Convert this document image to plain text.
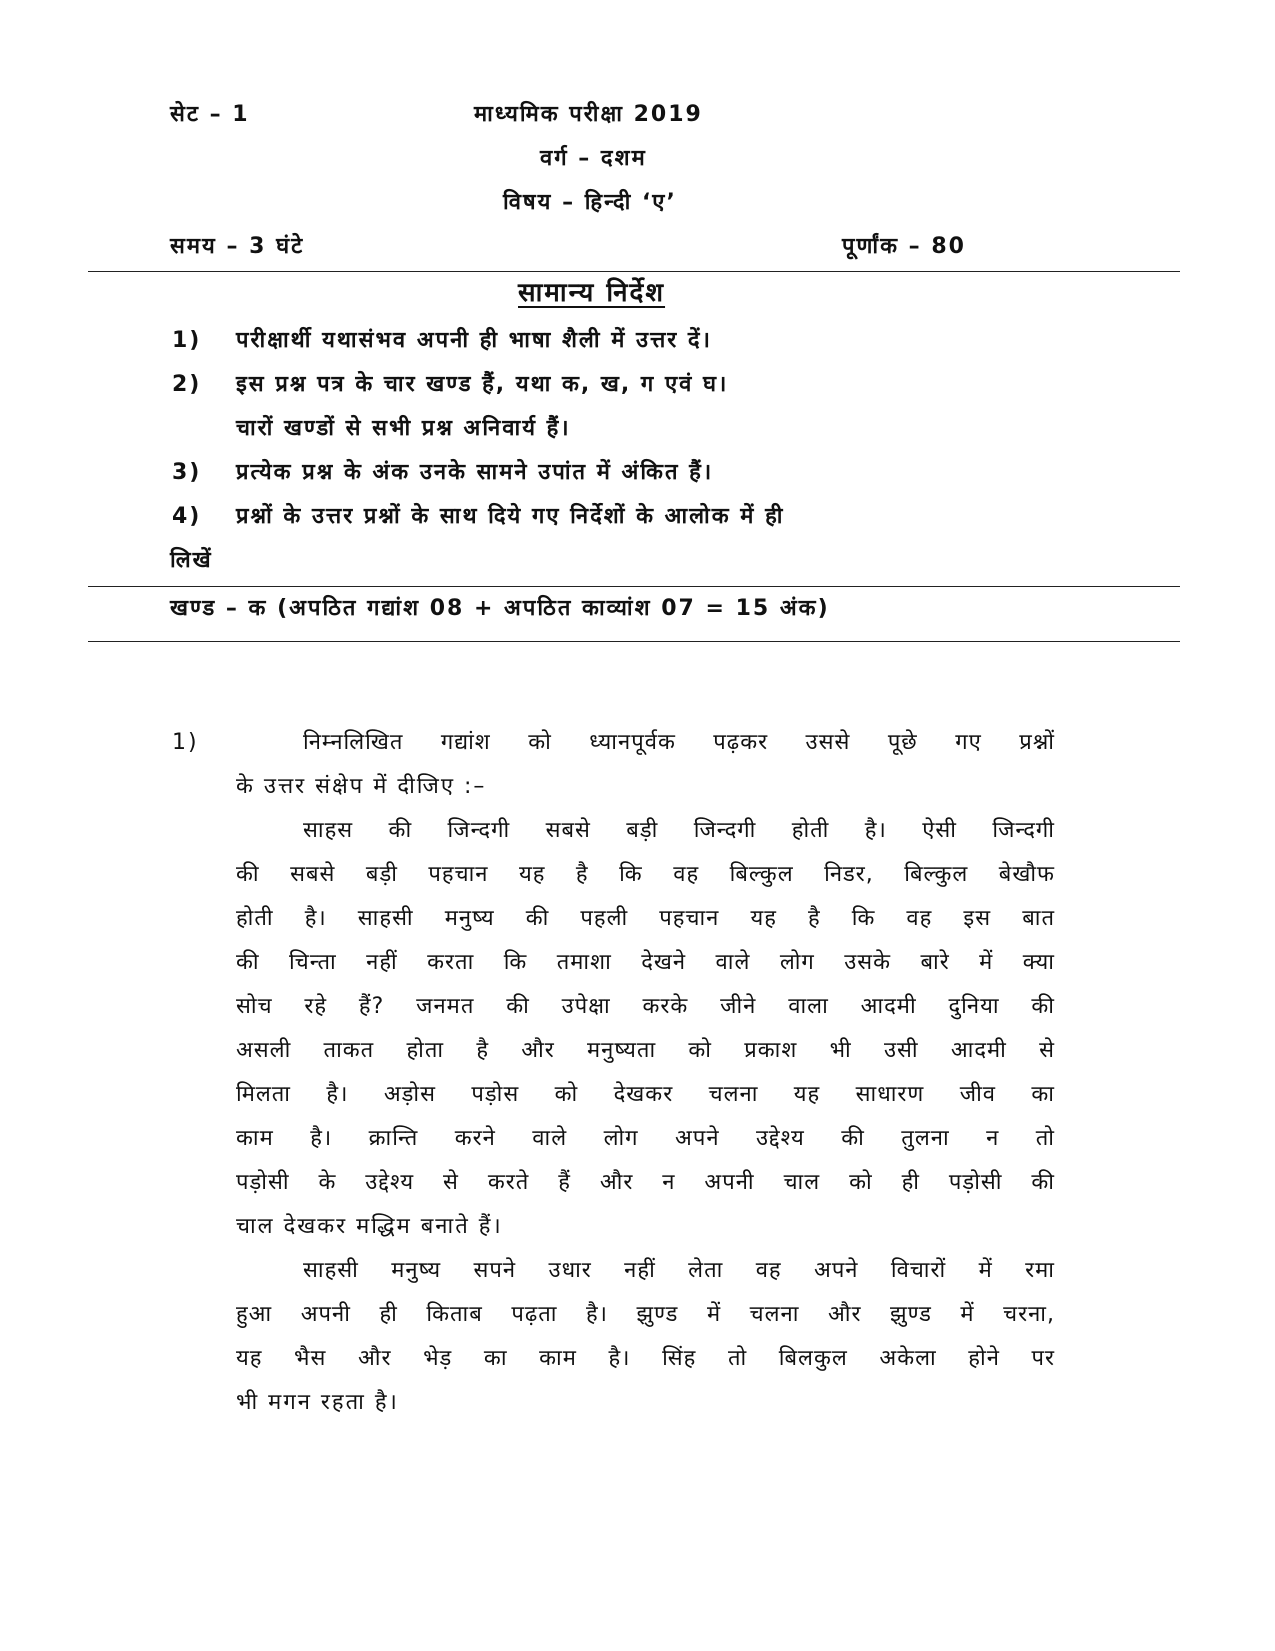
सेट – 1	माध्यमिक परीक्षा 2019
वर्ग – दशम
विषय – हिन्दी ‘ए’
समय – 3 घंटे	पूर्णांक – 80
सामान्य निर्देश
1) परीक्षार्थी यथासंभव अपनी ही भाषा शैली में उत्तर दें।
2) इस प्रश्न पत्र के चार खण्ड हैं, यथा क, ख, ग एवं घ।
चारों खण्डों से सभी प्रश्न अनिवार्य हैं।
3) प्रत्येक प्रश्न के अंक उनके सामने उपांत में अंकित हैं।
4) प्रश्नों के उत्तर प्रश्नों के साथ दिये गए निर्देशों के आलोक में ही
लिखें
खण्ड – क (अपठित गद्यांश 08 + अपठित काव्यांश 07 = 15 अंक)
1)	निम्नलिखित गद्यांश को ध्यानपूर्वक पढ़कर उससे पूछे गए प्रश्नों
के उत्तर संक्षेप में दीजिए :–
साहस की जिन्दगी सबसे बड़ी जिन्दगी होती है। ऐसी जिन्दगी
की सबसे बड़ी पहचान यह है कि वह बिल्कुल निडर, बिल्कुल बेखौफ
होती है। साहसी मनुष्य की पहली पहचान यह है कि वह इस बात
की चिन्ता नहीं करता कि तमाशा देखने वाले लोग उसके बारे में क्या
सोच रहे हैं? जनमत की उपेक्षा करके जीने वाला आदमी दुनिया की
असली ताकत होता है और मनुष्यता को प्रकाश भी उसी आदमी से
मिलता है। अड़ोस पड़ोस को देखकर चलना यह साधारण जीव का
काम है। क्रान्ति करने वाले लोग अपने उद्देश्य की तुलना न तो
पड़ोसी के उद्देश्य से करते हैं और न अपनी चाल को ही पड़ोसी की
चाल देखकर मद्धिम बनाते हैं।
साहसी मनुष्य सपने उधार नहीं लेता वह अपने विचारों में रमा
हुआ अपनी ही किताब पढ़ता है। झुण्ड में चलना और झुण्ड में चरना,
यह भैस और भेड़ का काम है। सिंह तो बिलकुल अकेला होने पर
भी मगन रहता है।
